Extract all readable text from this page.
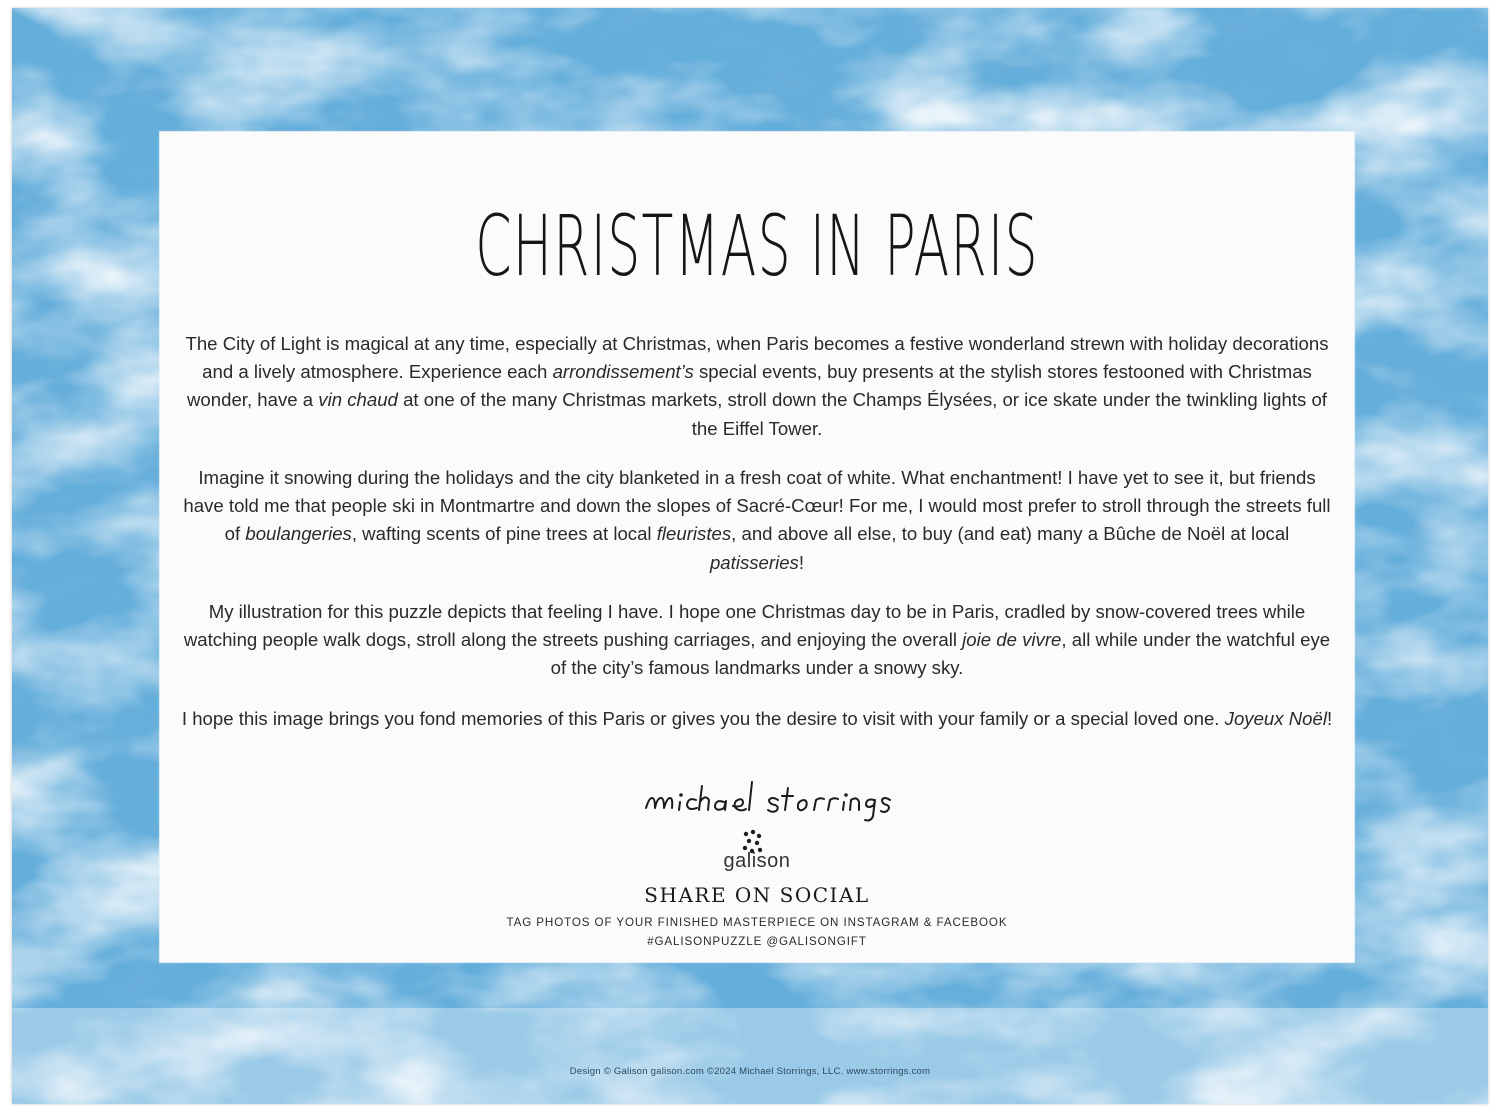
CHRISTMAS IN PARIS

The City of Light is magical at any time, especially at Christmas, when Paris becomes a festive wonderland strewn with holiday decorations and a lively atmosphere. Experience each arrondissement’s special events, buy presents at the stylish stores festooned with Christmas wonder, have a vin chaud at one of the many Christmas markets, stroll down the Champs Élysées, or ice skate under the twinkling lights of the Eiffel Tower.

Imagine it snowing during the holidays and the city blanketed in a fresh coat of white. What enchantment! I have yet to see it, but friends have told me that people ski in Montmartre and down the slopes of Sacré-Cœur! For me, I would most prefer to stroll through the streets full of boulangeries, wafting scents of pine trees at local fleuristes, and above all else, to buy (and eat) many a Bûche de Noël at local patisseries!

My illustration for this puzzle depicts that feeling I have. I hope one Christmas day to be in Paris, cradled by snow-covered trees while watching people walk dogs, stroll along the streets pushing carriages, and enjoying the overall joie de vivre, all while under the watchful eye of the city’s famous landmarks under a snowy sky.

I hope this image brings you fond memories of this Paris or gives you the desire to visit with your family or a special loved one. Joyeux Noël!

galison
SHARE ON SOCIAL
TAG PHOTOS OF YOUR FINISHED MASTERPIECE ON INSTAGRAM & FACEBOOK
#GALISONPUZZLE @GALISONGIFT
Design © Galison galison.com ©2024 Michael Storrings, LLC. www.storrings.com
